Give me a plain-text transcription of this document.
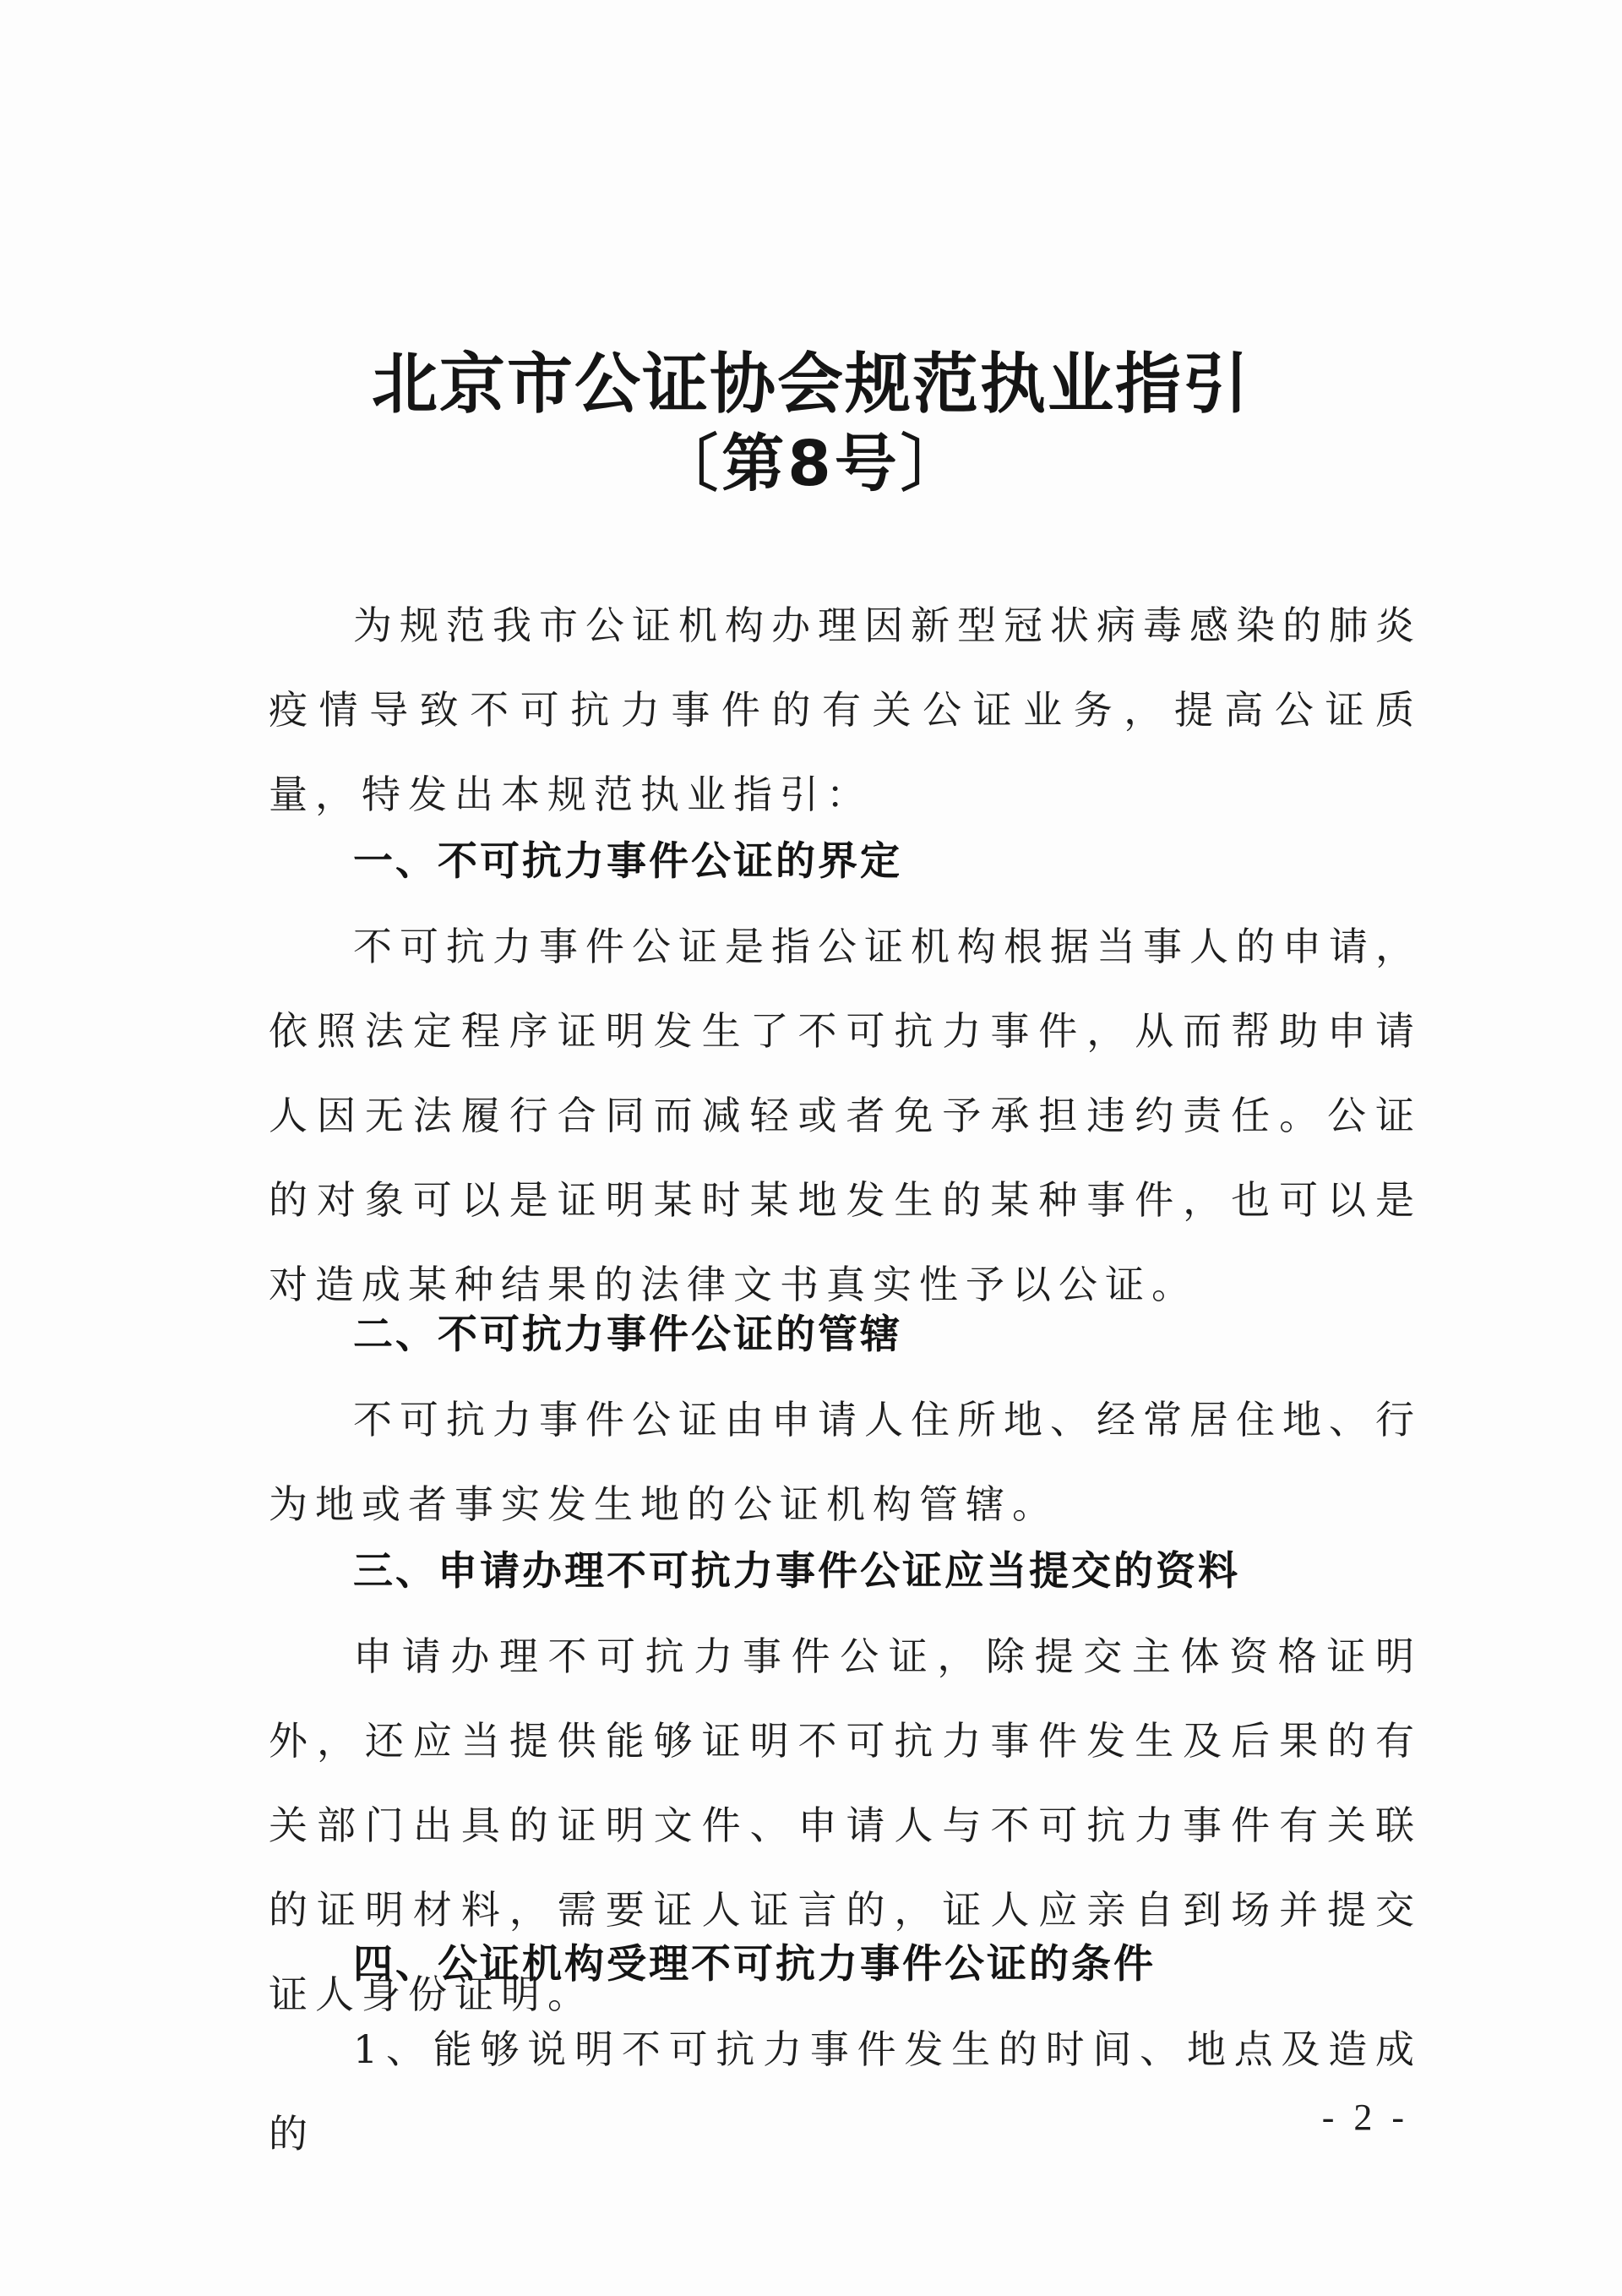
北京市公证协会规范执业指引
〔第8号〕

为规范我市公证机构办理因新型冠状病毒感染的肺炎疫情导致不可抗力事件的有关公证业务，提高公证质量，特发出本规范执业指引：

一、不可抗力事件公证的界定

不可抗力事件公证是指公证机构根据当事人的申请，依照法定程序证明发生了不可抗力事件，从而帮助申请人因无法履行合同而减轻或者免予承担违约责任。公证的对象可以是证明某时某地发生的某种事件，也可以是对造成某种结果的法律文书真实性予以公证。

二、不可抗力事件公证的管辖

不可抗力事件公证由申请人住所地、经常居住地、行为地或者事实发生地的公证机构管辖。

三、申请办理不可抗力事件公证应当提交的资料

申请办理不可抗力事件公证，除提交主体资格证明外，还应当提供能够证明不可抗力事件发生及后果的有关部门出具的证明文件、申请人与不可抗力事件有关联的证明材料，需要证人证言的，证人应亲自到场并提交证人身份证明。

四、公证机构受理不可抗力事件公证的条件

1、能够说明不可抗力事件发生的时间、地点及造成的	- 2 -
